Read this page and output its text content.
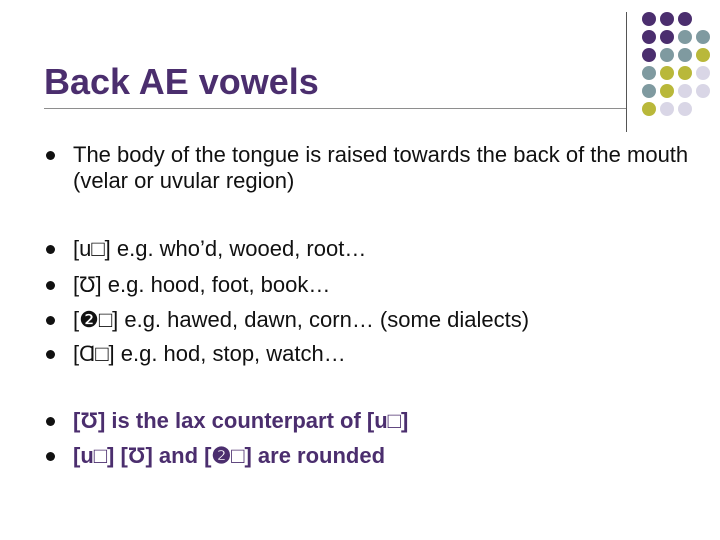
Back AE vowels
The body of the tongue is raised towards the back of the mouth (velar or uvular region)
[u□] e.g. who’d, wooed, root…
[Ʊ] e.g. hood, foot, book…
[❷□] e.g. hawed, dawn, corn… (some dialects)
[Ɑ□] e.g. hod, stop, watch…
[Ʊ] is the lax counterpart of [u□]
[u□] [Ʊ] and [❷□] are rounded
